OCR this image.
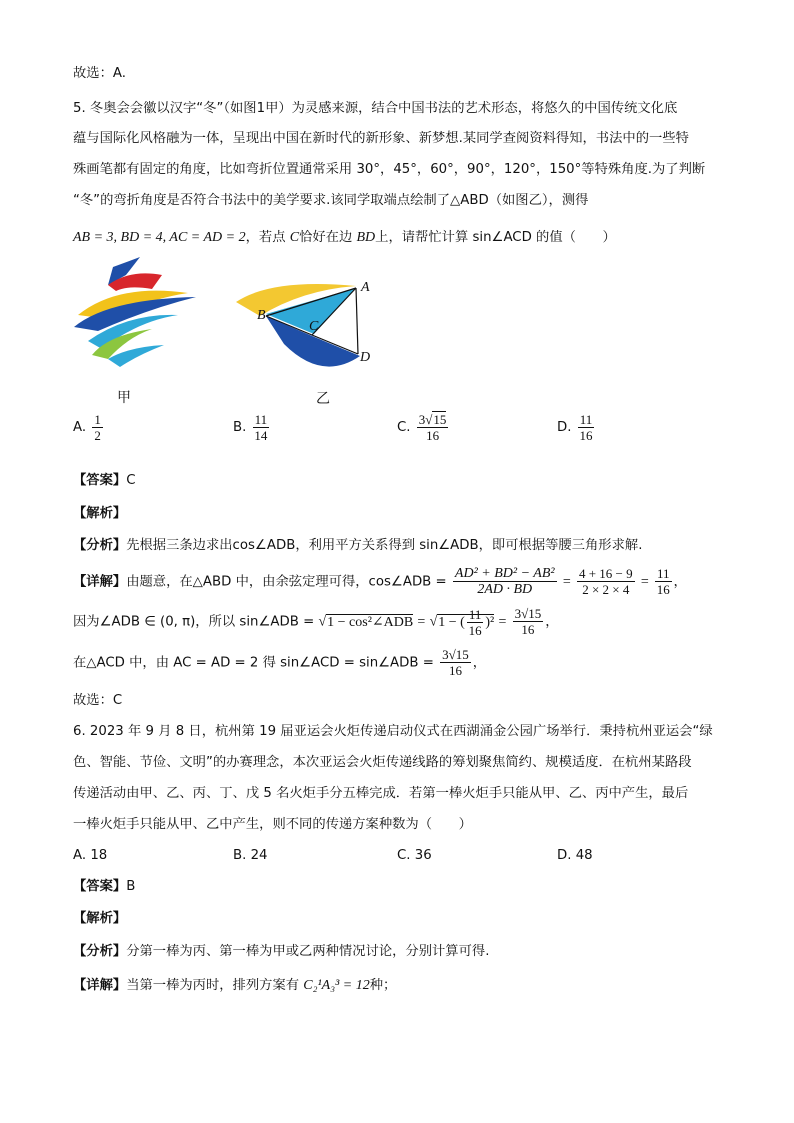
故选：A.
5. 冬奥会会徽以汉字“冬”（如图1甲）为灵感来源，结合中国书法的艺术形态，将悠久的中国传统文化底
蕴与国际化风格融为一体，呈现出中国在新时代的新形象、新梦想.某同学查阅资料得知，书法中的一些特
殊画笔都有固定的角度，比如弯折位置通常采用 30°，45°，60°，90°，120°，150°等特殊角度.为了判断
“冬”的弯折角度是否符合书法中的美学要求.该同学取端点绘制了△ABD（如图乙），测得
AB = 3, BD = 4, AC = AD = 2，若点 C恰好在边 BD上，请帮忙计算 sin∠ACD 的值（　　）
甲
A
B
C
D
乙
A. $\frac{1}{2}$	B. $\frac{11}{14}$	C. $\frac{3√15}{16}$	D. $\frac{11}{16}$
【答案】C
【解析】
【分析】先根据三条边求出cos∠ADB，利用平方关系得到 sin∠ADB，即可根据等腰三角形求解.
【详解】由题意，在△ABD 中，由余弦定理可得，cos∠ADB = $\frac{\text{AD² + BD² − AB²}}{2AD \cdot BD} = \frac{4 + 16 - 9}{2 \times 2 \times 4} = \frac{11}{16}$ ，
因为∠ADB ∈ (0, π)，所以 sin∠ADB = √1 − cos²∠ADB = √1 − ( $\frac{11}{16} )^2 = \frac{3√15}{16}$ ，
在△ACD 中，由 AC = AD = 2 得 sin∠ACD = sin∠ADB = $\frac{3√15}{16}$ ，
故选：C
6. 2023 年 9 月 8 日，杭州第 19 届亚运会火炬传递启动仪式在西湖涌金公园广场举行．秉持杭州亚运会“绿
色、智能、节俭、文明”的办赛理念，本次亚运会火炬传递线路的筹划聚焦简约、规模适度．在杭州某路段
传递活动由甲、乙、丙、丁、戊 5 名火炬手分五棒完成．若第一棒火炬手只能从甲、乙、丙中产生，最后
一棒火炬手只能从甲、乙中产生，则不同的传递方案种数为（　　）
A. 18	B. 24	C. 36	D. 48
【答案】B
【解析】
【分析】分第一棒为丙、第一棒为甲或乙两种情况讨论，分别计算可得.
【详解】当第一棒为丙时，排列方案有 C₂¹A₃³ = 12种；
